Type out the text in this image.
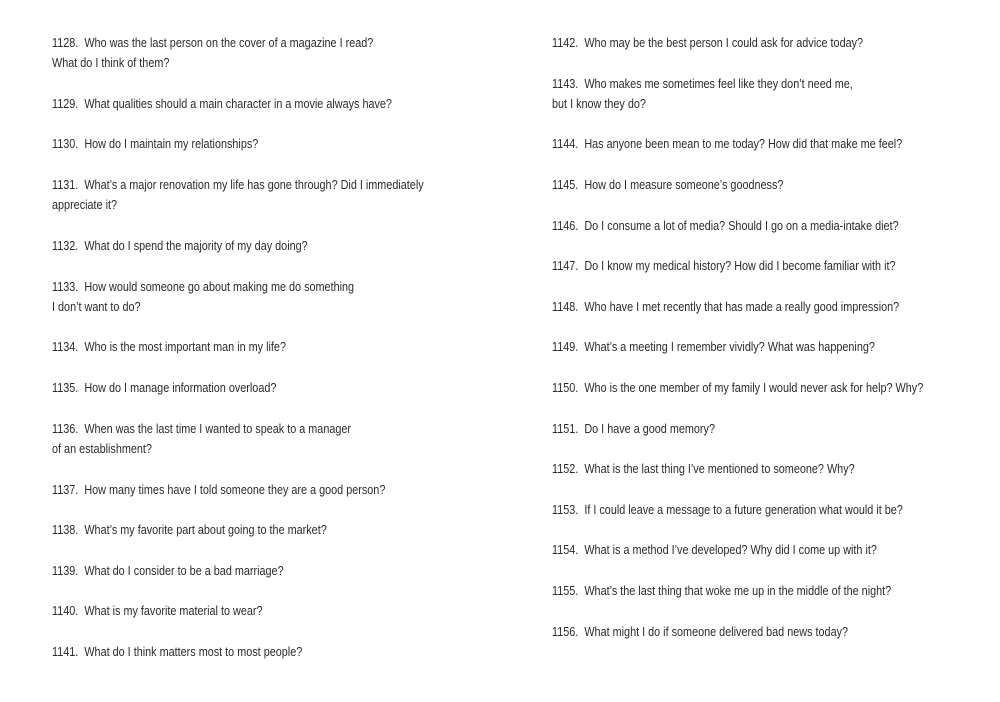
1128. Who was the last person on the cover of a magazine I read?
What do I think of them?
1129. What qualities should a main character in a movie always have?
1130. How do I maintain my relationships?
1131. What’s a major renovation my life has gone through? Did I immediately
appreciate it?
1132. What do I spend the majority of my day doing?
1133. How would someone go about making me do something
I don’t want to do?
1134. Who is the most important man in my life?
1135. How do I manage information overload?
1136. When was the last time I wanted to speak to a manager
of an establishment?
1137. How many times have I told someone they are a good person?
1138. What’s my favorite part about going to the market?
1139. What do I consider to be a bad marriage?
1140. What is my favorite material to wear?
1141. What do I think matters most to most people?
1142. Who may be the best person I could ask for advice today?
1143. Who makes me sometimes feel like they don’t need me,
but I know they do?
1144. Has anyone been mean to me today? How did that make me feel?
1145. How do I measure someone’s goodness?
1146. Do I consume a lot of media? Should I go on a media-intake diet?
1147. Do I know my medical history? How did I become familiar with it?
1148. Who have I met recently that has made a really good impression?
1149. What’s a meeting I remember vividly? What was happening?
1150. Who is the one member of my family I would never ask for help? Why?
1151. Do I have a good memory?
1152. What is the last thing I’ve mentioned to someone? Why?
1153. If I could leave a message to a future generation what would it be?
1154. What is a method I’ve developed? Why did I come up with it?
1155. What’s the last thing that woke me up in the middle of the night?
1156. What might I do if someone delivered bad news today?
